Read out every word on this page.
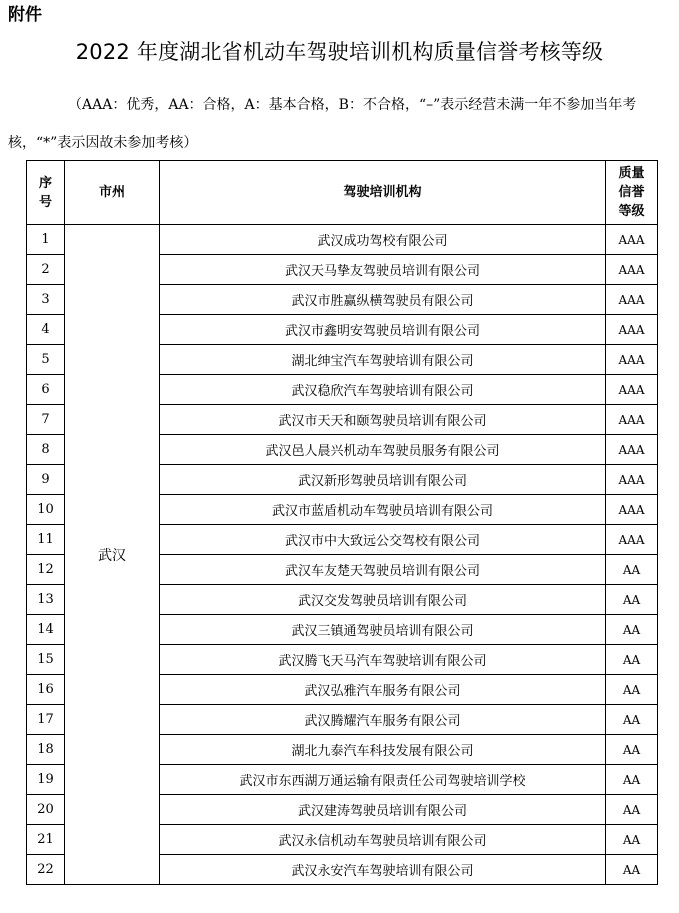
附件
2022 年度湖北省机动车驾驶培训机构质量信誉考核等级
（AAA：优秀，AA：合格，A：基本合格，B：不合格，“–”表示经营未满一年不参加当年考核，“*”表示因故未参加考核）
序号	市州	驾驶培训机构	质量信誉等级
1	武汉	武汉成功驾校有限公司	AAA
2		武汉天马挚友驾驶员培训有限公司	AAA
3		武汉市胜赢纵横驾驶员有限公司	AAA
4		武汉市鑫明安驾驶员培训有限公司	AAA
5		湖北绅宝汽车驾驶培训有限公司	AAA
6		武汉稳欣汽车驾驶培训有限公司	AAA
7		武汉市天天和颐驾驶员培训有限公司	AAA
8		武汉邑人晨兴机动车驾驶员服务有限公司	AAA
9		武汉新形驾驶员培训有限公司	AAA
10		武汉市蓝盾机动车驾驶员培训有限公司	AAA
11		武汉市中大致远公交驾校有限公司	AAA
12		武汉车友楚天驾驶员培训有限公司	AA
13		武汉交发驾驶员培训有限公司	AA
14		武汉三镇通驾驶员培训有限公司	AA
15		武汉腾飞天马汽车驾驶培训有限公司	AA
16		武汉弘雅汽车服务有限公司	AA
17		武汉腾耀汽车服务有限公司	AA
18		湖北九泰汽车科技发展有限公司	AA
19		武汉市东西湖万通运输有限责任公司驾驶培训学校	AA
20		武汉建涛驾驶员培训有限公司	AA
21		武汉永信机动车驾驶员培训有限公司	AA
22		武汉永安汽车驾驶培训有限公司	AA
